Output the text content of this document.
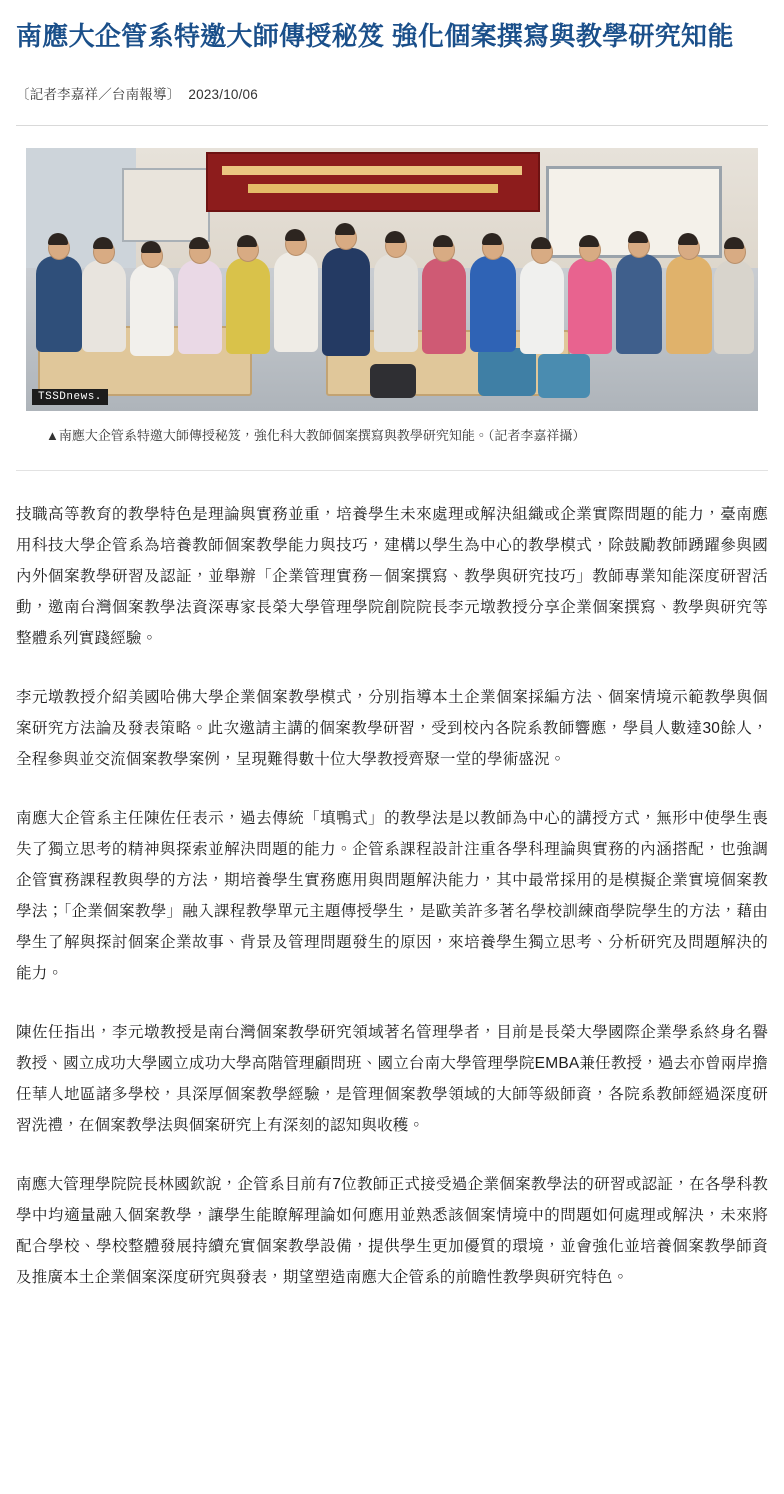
南應大企管系特邀大師傳授秘笈 強化個案撰寫與教學研究知能
〔記者李嘉祥／台南報導〕 2023/10/06
TSSDnews.
▲南應大企管系特邀大師傳授秘笈，強化科大教師個案撰寫與教學研究知能。（記者李嘉祥攝）

技職高等教育的教學特色是理論與實務並重，培養學生未來處理或解決組織或企業實際問題的能力，臺南應用科技大學企管系為培養教師個案教學能力與技巧，建構以學生為中心的教學模式，除鼓勵教師踴躍參與國內外個案教學研習及認証，並舉辦「企業管理實務－個案撰寫、教學與研究技巧」教師專業知能深度研習活動，邀南台灣個案教學法資深專家長榮大學管理學院創院院長李元墩教授分享企業個案撰寫、教學與研究等整體系列實踐經驗。

李元墩教授介紹美國哈佛大學企業個案教學模式，分別指導本土企業個案採編方法、個案情境示範教學與個案研究方法論及發表策略。此次邀請主講的個案教學研習，受到校內各院系教師響應，學員人數達30餘人，全程參與並交流個案教學案例，呈現難得數十位大學教授齊聚一堂的學術盛況。

南應大企管系主任陳佐任表示，過去傳統「填鴨式」的教學法是以教師為中心的講授方式，無形中使學生喪失了獨立思考的精神與探索並解決問題的能力。企管系課程設計注重各學科理論與實務的內涵搭配，也強調企管實務課程教與學的方法，期培養學生實務應用與問題解決能力，其中最常採用的是模擬企業實境個案教學法；「企業個案教學」融入課程教學單元主題傳授學生，是歐美許多著名學校訓練商學院學生的方法，藉由學生了解與探討個案企業故事、背景及管理問題發生的原因，來培養學生獨立思考、分析研究及問題解決的能力。

陳佐任指出，李元墩教授是南台灣個案教學研究領域著名管理學者，目前是長榮大學國際企業學系終身名譽教授、國立成功大學國立成功大學高階管理顧問班、國立台南大學管理學院EMBA兼任教授，過去亦曾兩岸擔任華人地區諸多學校，具深厚個案教學經驗，是管理個案教學領域的大師等級師資，各院系教師經過深度研習洗禮，在個案教學法與個案研究上有深刻的認知與收穫。

南應大管理學院院長林國欽說，企管系目前有7位教師正式接受過企業個案教學法的研習或認証，在各學科教學中均適量融入個案教學，讓學生能瞭解理論如何應用並熟悉該個案情境中的問題如何處理或解決，未來將配合學校、學校整體發展持續充實個案教學設備，提供學生更加優質的環境，並會強化並培養個案教學師資及推廣本土企業個案深度研究與發表，期望塑造南應大企管系的前瞻性教學與研究特色。
